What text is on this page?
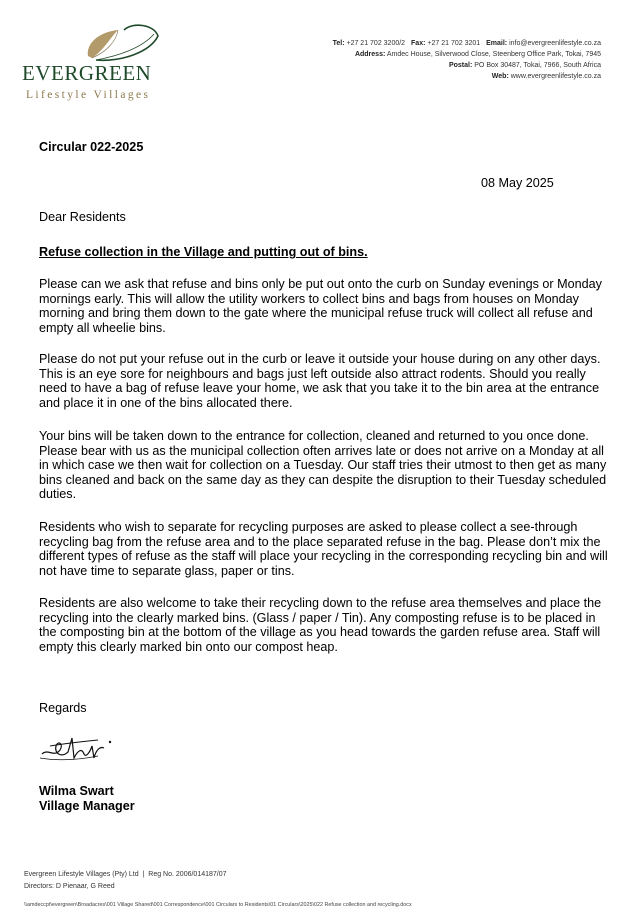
EVERGREEN
Lifestyle Villages
Tel: +27 21 702 3200/2 Fax: +27 21 702 3201 Email: info@evergreenlifestyle.co.za
Address: Amdec House, Silverwood Close, Steenberg Office Park, Tokai, 7945
Postal: PO Box 30487, Tokai, 7966, South Africa
Web: www.evergreenlifestyle.co.za
Circular 022-2025
08 May 2025
Dear Residents
Refuse collection in the Village and putting out of bins.
Please can we ask that refuse and bins only be put out onto the curb on Sunday evenings or Monday mornings early. This will allow the utility workers to collect bins and bags from houses on Monday morning and bring them down to the gate where the municipal refuse truck will collect all refuse and empty all wheelie bins.
Please do not put your refuse out in the curb or leave it outside your house during on any other days. This is an eye sore for neighbours and bags just left outside also attract rodents. Should you really need to have a bag of refuse leave your home, we ask that you take it to the bin area at the entrance and place it in one of the bins allocated there.
Your bins will be taken down to the entrance for collection, cleaned and returned to you once done. Please bear with us as the municipal collection often arrives late or does not arrive on a Monday at all in which case we then wait for collection on a Tuesday. Our staff tries their utmost to then get as many bins cleaned and back on the same day as they can despite the disruption to their Tuesday scheduled duties.
Residents who wish to separate for recycling purposes are asked to please collect a see-through recycling bag from the refuse area and to the place separated refuse in the bag. Please don’t mix the different types of refuse as the staff will place your recycling in the corresponding recycling bin and will not have time to separate glass, paper or tins.
Residents are also welcome to take their recycling down to the refuse area themselves and place the recycling into the clearly marked bins. (Glass / paper / Tin). Any composting refuse is to be placed in the composting bin at the bottom of the village as you head towards the garden refuse area. Staff will empty this clearly marked bin onto our compost heap.
Regards
Wilma Swart
Village Manager
Evergreen Lifestyle Villages (Pty) Ltd  |  Reg No. 2006/014187/07
Directors: D Pienaar, G Reed
\\amdeccpt\evergreen\Broadacres\001 Village Shared\001 Correspondence\001 Circulars to Residents\01 Circulars\2025\022 Refuse collection and recycling.docx
